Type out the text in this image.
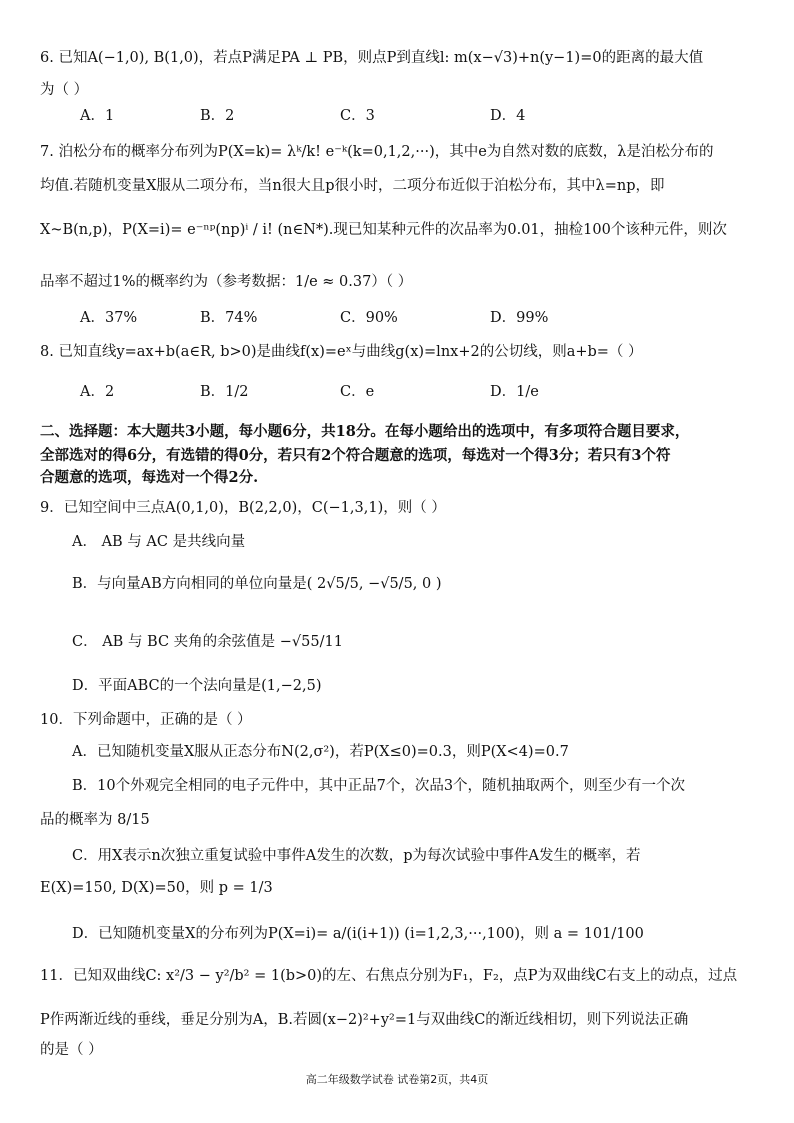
6. 已知A(−1,0), B(1,0)，若点P满足PA ⊥ PB，则点P到直线l: m(x−√3)+n(y−1)=0的距离的最大值
为（ ）
A．1	B．2	C．3	D．4
7. 泊松分布的概率分布列为P(X=k)= λᵏ/k! e⁻ᵏ(k=0,1,2,···)，其中e为自然对数的底数，λ是泊松分布的
均值.若随机变量X服从二项分布，当n很大且p很小时，二项分布近似于泊松分布，其中λ=np，即
X~B(n,p)，P(X=i)= e⁻ⁿᵖ(np)ⁱ / i! (n∈N*).现已知某种元件的次品率为0.01，抽检100个该种元件，则次
品率不超过1%的概率约为（参考数据：1/e ≈ 0.37）（ ）
A．37%	B．74%	C．90%	D．99%
8. 已知直线y=ax+b(a∈R, b>0)是曲线f(x)=eˣ与曲线g(x)=lnx+2的公切线，则a+b=（ ）
A．2	B．1/2	C．e	D．1/e
二、选择题：本大题共3小题，每小题6分，共18分。在每小题给出的选项中，有多项符合题目要求，
全部选对的得6分，有选错的得0分，若只有2个符合题意的选项，每选对一个得3分；若只有3个符
合题意的选项，每选对一个得2分.
9．已知空间中三点A(0,1,0)，B(2,2,0)，C(−1,3,1)，则（ ）
A． AB 与 AC 是共线向量
B．与向量AB方向相同的单位向量是( 2√5/5, −√5/5, 0 )
C． AB 与 BC 夹角的余弦值是 −√55/11
D．平面ABC的一个法向量是(1,−2,5)
10．下列命题中，正确的是（ ）
A．已知随机变量X服从正态分布N(2,σ²)，若P(X≤0)=0.3，则P(X<4)=0.7
B．10个外观完全相同的电子元件中，其中正品7个，次品3个，随机抽取两个，则至少有一个次
品的概率为 8/15
C．用X表示n次独立重复试验中事件A发生的次数，p为每次试验中事件A发生的概率，若
E(X)=150, D(X)=50，则 p = 1/3
D．已知随机变量X的分布列为P(X=i)= a/(i(i+1)) (i=1,2,3,···,100)，则 a = 101/100
11．已知双曲线C: x²/3 − y²/b² = 1(b>0)的左、右焦点分别为F₁，F₂，点P为双曲线C右支上的动点，过点
P作两渐近线的垂线，垂足分别为A，B.若圆(x−2)²+y²=1与双曲线C的渐近线相切，则下列说法正确
的是（ ）
高二年级数学试卷 试卷第2页，共4页
